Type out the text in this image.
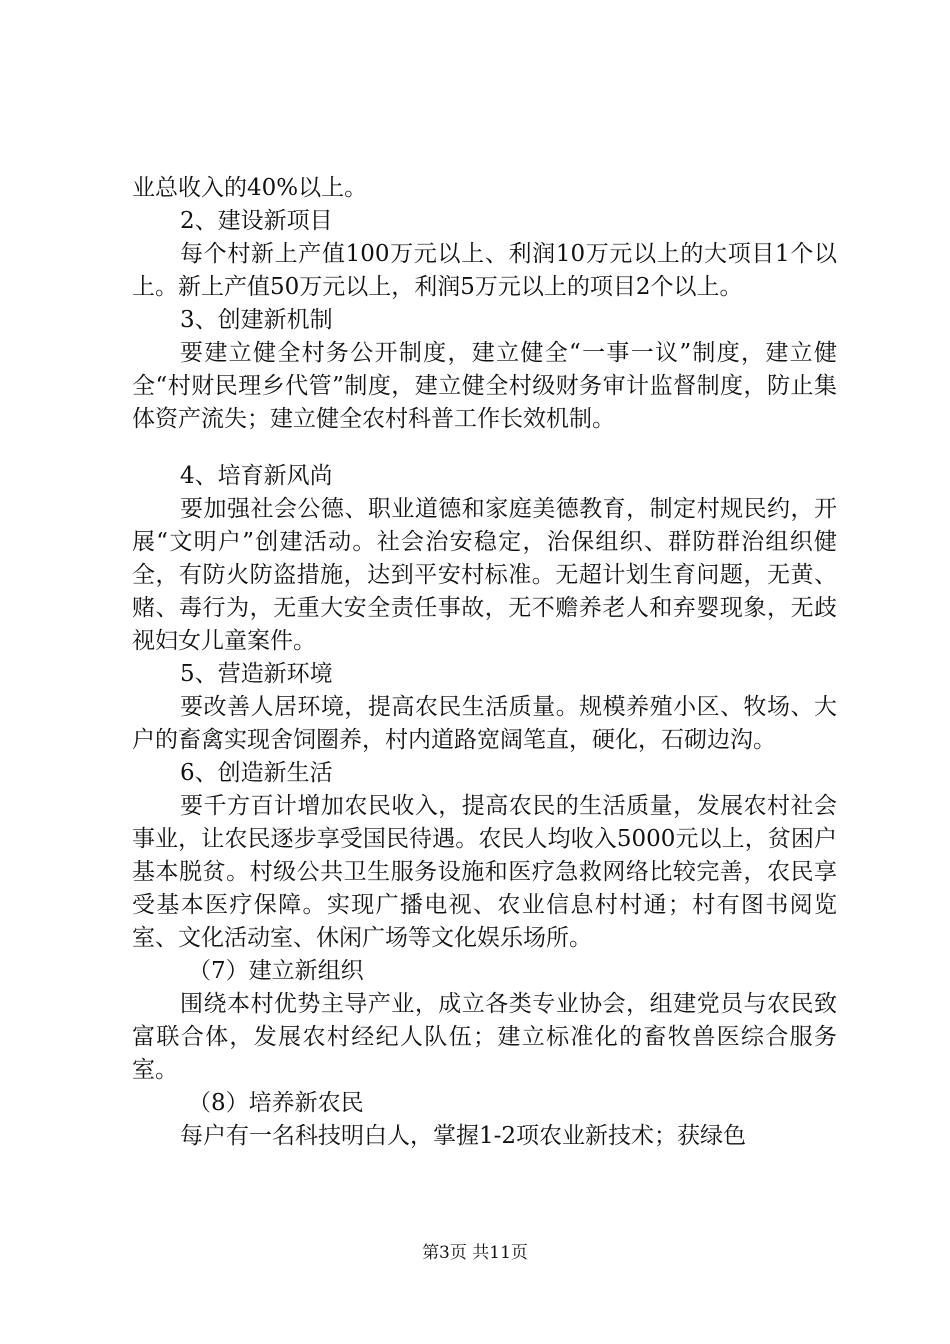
业总收入的40%以上。

2、建设新项目

每个村新上产值100万元以上、利润10万元以上的大项目1个以上。新上产值50万元以上，利润5万元以上的项目2个以上。

3、创建新机制

要建立健全村务公开制度，建立健全“一事一议”制度，建立健全“村财民理乡代管”制度，建立健全村级财务审计监督制度，防止集体资产流失；建立健全农村科普工作长效机制。

4、培育新风尚

要加强社会公德、职业道德和家庭美德教育，制定村规民约，开展“文明户”创建活动。社会治安稳定，治保组织、群防群治组织健全，有防火防盗措施，达到平安村标准。无超计划生育问题，无黄、赌、毒行为，无重大安全责任事故，无不赡养老人和弃婴现象，无歧视妇女儿童案件。

5、营造新环境

要改善人居环境，提高农民生活质量。规模养殖小区、牧场、大户的畜禽实现舍饲圈养，村内道路宽阔笔直，硬化，石砌边沟。

6、创造新生活

要千方百计增加农民收入，提高农民的生活质量，发展农村社会事业，让农民逐步享受国民待遇。农民人均收入5000元以上，贫困户基本脱贫。村级公共卫生服务设施和医疗急救网络比较完善，农民享受基本医疗保障。实现广播电视、农业信息村村通；村有图书阅览室、文化活动室、休闲广场等文化娱乐场所。

（7）建立新组织

围绕本村优势主导产业，成立各类专业协会，组建党员与农民致富联合体，发展农村经纪人队伍；建立标准化的畜牧兽医综合服务室。

（8）培养新农民

每户有一名科技明白人，掌握1-2项农业新技术；获绿色

第3页 共11页
